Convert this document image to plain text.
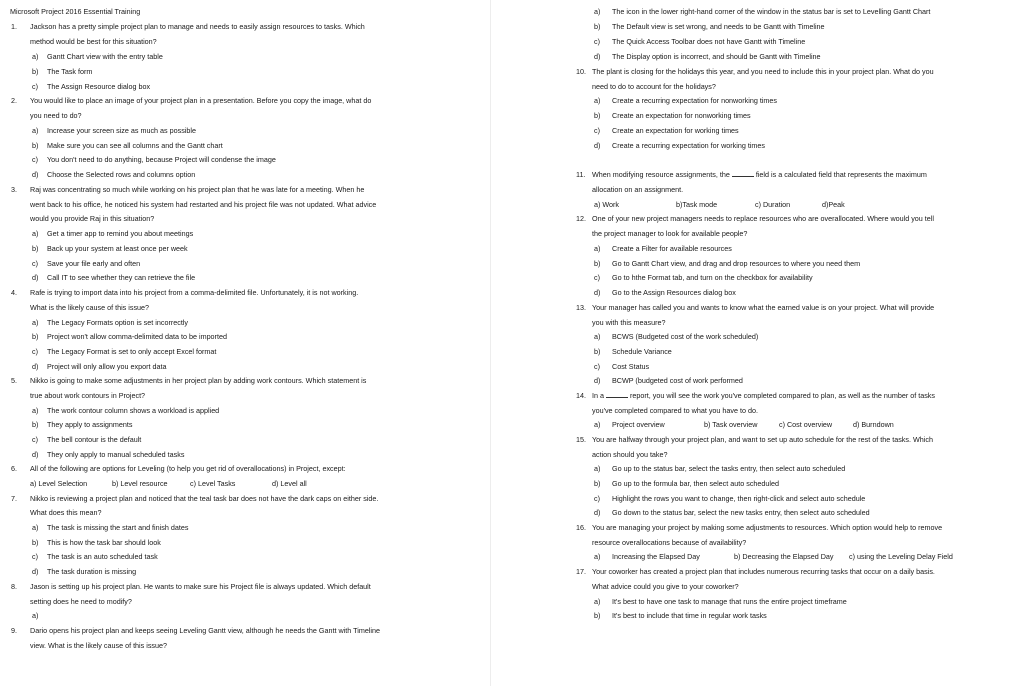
Microsoft Project 2016 Essential Training
1. Jackson has a pretty simple project plan to manage and needs to easily assign resources to tasks. Which
method would be best for this situation?
a) Gantt Chart view with the entry table
b) The Task form
c) The Assign Resource dialog box
2. You would like to place an image of your project plan in a presentation. Before you copy the image, what do
you need to do?
a) Increase your screen size as much as possible
b) Make sure you can see all columns and the Gantt chart
c) You don't need to do anything, because Project will condense the image
d) Choose the Selected rows and columns option
3. Raj was concentrating so much while working on his project plan that he was late for a meeting. When he
went back to his office, he noticed his system had restarted and his project file was not updated. What advice
would you provide Raj in this situation?
a) Get a timer app to remind you about meetings
b) Back up your system at least once per week
c) Save your file early and often
d) Call IT to see whether they can retrieve the file
4. Rafe is trying to import data into his project from a comma-delimited file. Unfortunately, it is not working.
What is the likely cause of this issue?
a) The Legacy Formats option is set incorrectly
b) Project won't allow comma-delimited data to be imported
c) The Legacy Format is set to only accept Excel format
d) Project will only allow you export data
5. Nikko is going to make some adjustments in her project plan by adding work contours. Which statement is
true about work contours in Project?
a) The work contour column shows a workload is applied
b) They apply to assignments
c) The bell contour is the default
d) They only apply to manual scheduled tasks
6. All of the following are options for Leveling (to help you get rid of overallocations) in Project, except:
a) Level Selection	b) Level resource	c) Level Tasks	d) Level all
7. Nikko is reviewing a project plan and noticed that the teal task bar does not have the dark caps on either side.
What does this mean?
a) The task is missing the start and finish dates
b) This is how the task bar should look
c) The task is an auto scheduled task
d) The task duration is missing
8. Jason is setting up his project plan. He wants to make sure his Project file is always updated. Which default
setting does he need to modify?
a)
9. Dario opens his project plan and keeps seeing Leveling Gantt view, although he needs the Gantt with Timeline
view. What is the likely cause of this issue?
a) The icon in the lower right-hand corner of the window in the status bar is set to Levelling Gantt Chart
b) The Default view is set wrong, and needs to be Gantt with Timeline
c) The Quick Access Toolbar does not have Gantt with Timeline
d) The Display option is incorrect, and should be Gantt with Timeline
10. The plant is closing for the holidays this year, and you need to include this in your project plan. What do you
need to do to account for the holidays?
a) Create a recurring expectation for nonworking times
b) Create an expectation for nonworking times
c) Create an expectation for working times
d) Create a recurring expectation for working times
11. When modifying resource assignments, the	field is a calculated field that represents the maximum
allocation on an assignment.
a) Work	b)Task mode	c) Duration	d)Peak
12. One of your new project managers needs to replace resources who are overallocated. Where would you tell
the project manager to look for available people?
a) Create a Filter for available resources
b) Go to Gantt Chart view, and drag and drop resources to where you need them
c) Go to hthe Format tab, and turn on the checkbox for availability
d) Go to the Assign Resources dialog box
13. Your manager has called you and wants to know what the earned value is on your project. What will provide
you with this measure?
a) BCWS (Budgeted cost of the work scheduled)
b) Schedule Variance
c) Cost Status
d) BCWP (budgeted cost of work performed
14. In a	report, you will see the work you've completed compared to plan, as well as the number of tasks
you've completed compared to what you have to do.
a) Project overview	b) Task overview	c) Cost overview	d) Burndown
15. You are halfway through your project plan, and want to set up auto schedule for the rest of the tasks. Which
action should you take?
a) Go up to the status bar, select the tasks entry, then select auto scheduled
b) Go up to the formula bar, then select auto scheduled
c) Highlight the rows you want to change, then right-click and select auto schedule
d) Go down to the status bar, select the new tasks entry, then select auto scheduled
16. You are managing your project by making some adjustments to resources. Which option would help to remove
resource overallocations because of availability?
a) Increasing the Elapsed Day	b) Decreasing the Elapsed Day c) using the Leveling Delay Field
17. Your coworker has created a project plan that includes numerous recurring tasks that occur on a daily basis.
What advice could you give to your coworker?
a) It's best to have one task to manage that runs the entire project timeframe
b) It's best to include that time in regular work tasks
